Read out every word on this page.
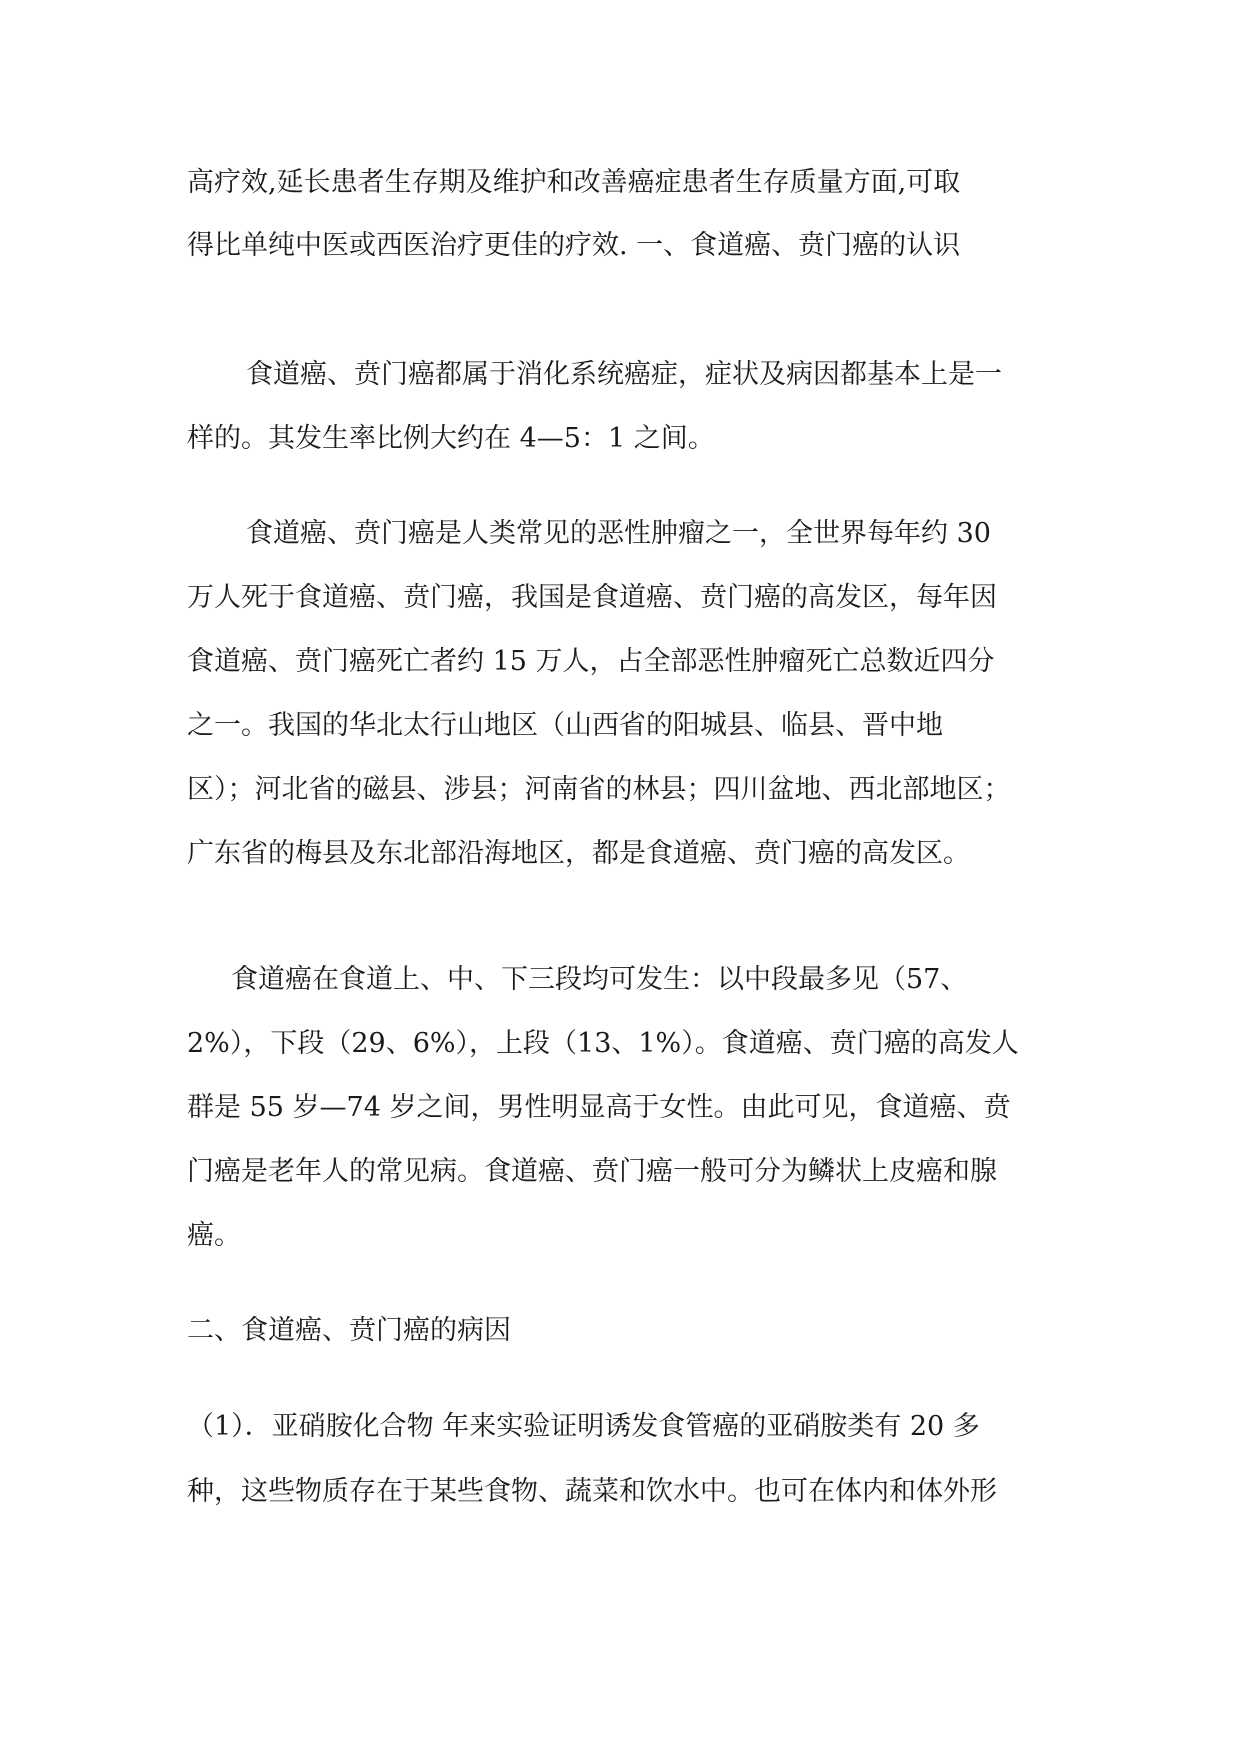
高疗效,延长患者生存期及维护和改善癌症患者生存质量方面,可取
得比单纯中医或西医治疗更佳的疗效. 一、食道癌、贲门癌的认识
食道癌、贲门癌都属于消化系统癌症，症状及病因都基本上是一
样的。其发生率比例大约在 4—5：1 之间。
食道癌、贲门癌是人类常见的恶性肿瘤之一，全世界每年约 30
万人死于食道癌、贲门癌，我国是食道癌、贲门癌的高发区，每年因
食道癌、贲门癌死亡者约 15 万人，占全部恶性肿瘤死亡总数近四分
之一。我国的华北太行山地区（山西省的阳城县、临县、晋中地
区）；河北省的磁县、涉县；河南省的林县；四川盆地、西北部地区；
广东省的梅县及东北部沿海地区，都是食道癌、贲门癌的高发区。
食道癌在食道上、中、下三段均可发生：以中段最多见（57、
2%），下段（29、6%），上段（13、1%）。食道癌、贲门癌的高发人
群是 55 岁—74 岁之间，男性明显高于女性。由此可见，食道癌、贲
门癌是老年人的常见病。食道癌、贲门癌一般可分为鳞状上皮癌和腺
癌。
二、食道癌、贲门癌的病因
（1）．亚硝胺化合物 年来实验证明诱发食管癌的亚硝胺类有 20 多
种，这些物质存在于某些食物、蔬菜和饮水中。也可在体内和体外形
